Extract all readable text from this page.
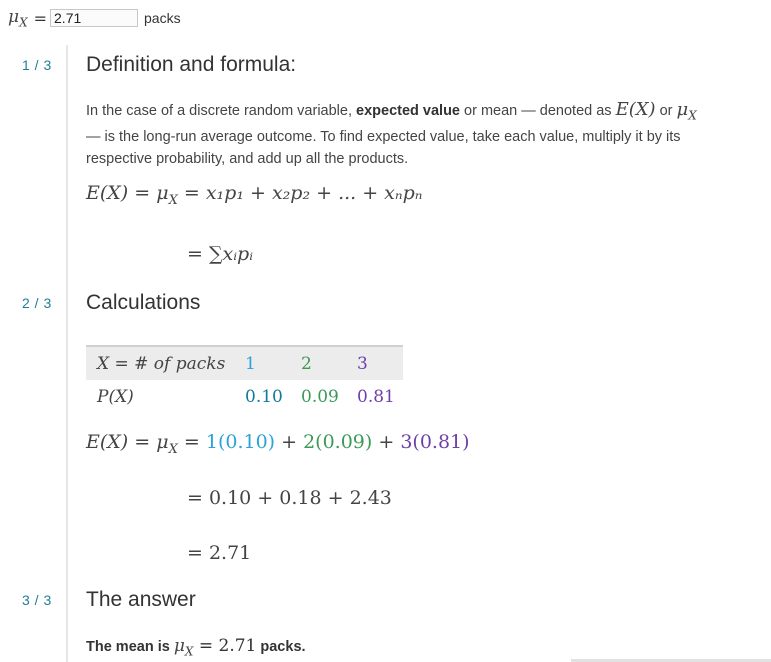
$\mu_X$ =
2.71	packs
1 / 3 Definition and formula:
In the case of a discrete random variable, expected value or mean — denoted as E(X) or $\mu_X$
— is the long-run average outcome. To find expected value, take each value, multiply it by its respective probability, and add up all the products.
$E(X) = \mu_X = x_1p_1 + x_2p_2$ + ... + xₙpₙ
= ∑xᵢpᵢ
2 / 3 Calculations
X = # of packs	1	2	3
P(X)	0.10	0.09	0.81
$E(X) = \mu_X = 1(0.10) + 2(0.09) + 3(0.81)$
= 0.10 + 0.18 + 2.43
= 2.71
3 / 3 The answer
The mean is $\mu_X = 2.71$ packs.
